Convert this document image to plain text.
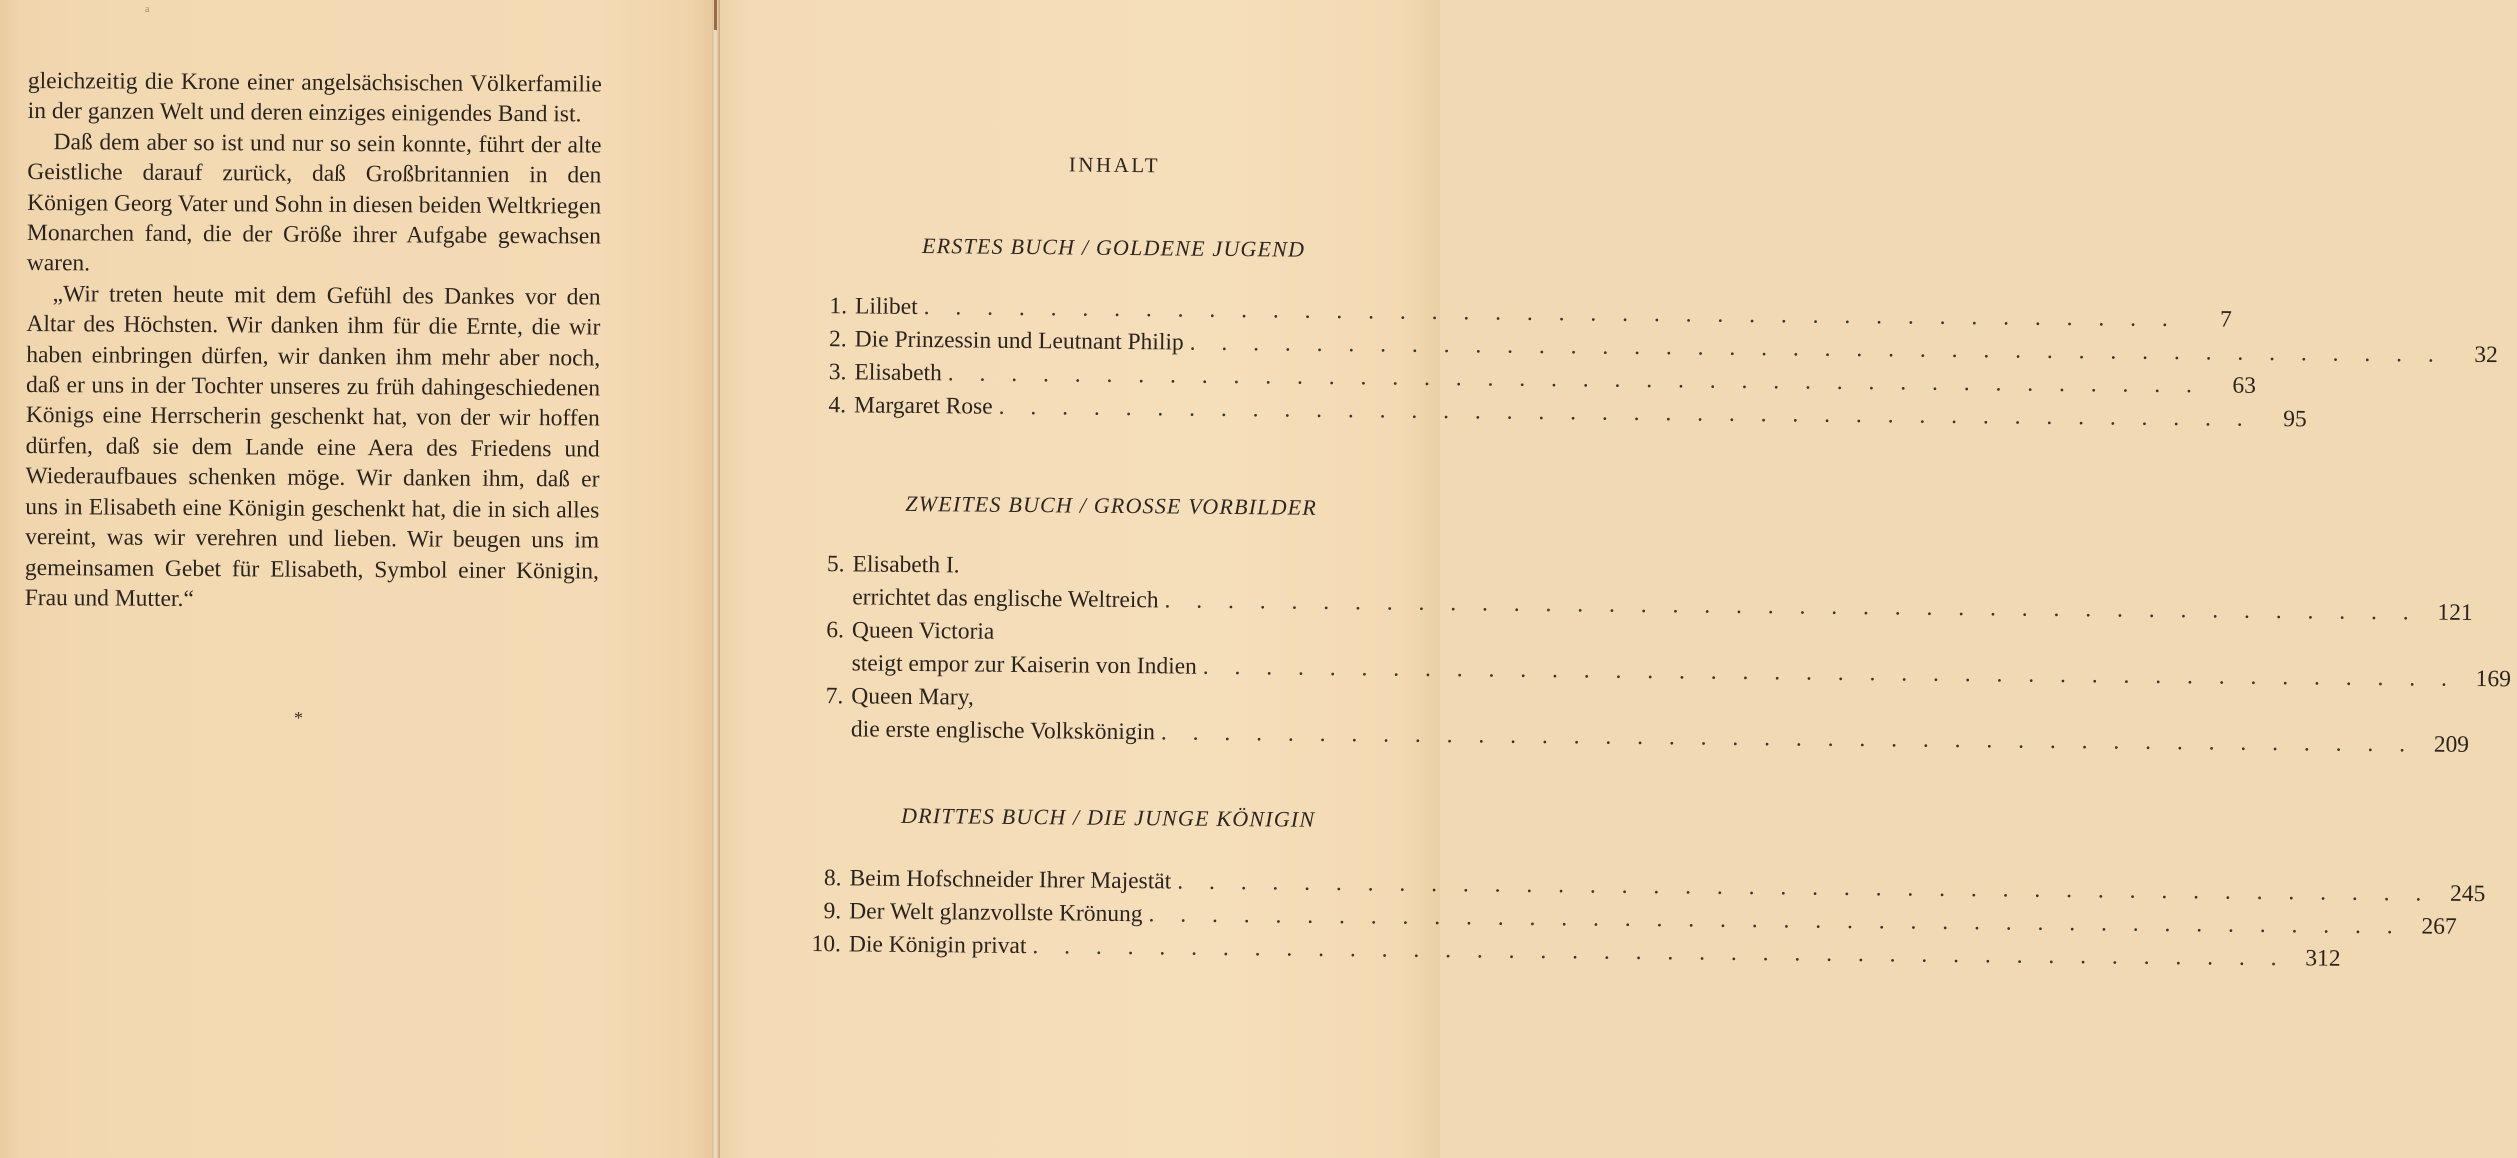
a

gleichzeitig die Krone einer angelsächsischen Völkerfamilie in der ganzen Welt und deren einziges einigendes Band ist.

Daß dem aber so ist und nur so sein konnte, führt der alte Geistliche darauf zurück, daß Großbritannien in den Königen Georg Vater und Sohn in diesen beiden Weltkriegen Monarchen fand, die der Größe ihrer Aufgabe gewachsen waren.

„Wir treten heute mit dem Gefühl des Dankes vor den Altar des Höchsten. Wir danken ihm für die Ernte, die wir haben einbringen dürfen, wir danken ihm mehr aber noch, daß er uns in der Tochter unseres zu früh dahingeschiedenen Königs eine Herrscherin geschenkt hat, von der wir hoffen dürfen, daß sie dem Lande eine Aera des Friedens und Wiederaufbaues schenken möge. Wir danken ihm, daß er uns in Elisabeth eine Königin geschenkt hat, die in sich alles vereint, was wir verehren und lieben. Wir beugen uns im gemeinsamen Gebet für Elisabeth, Symbol einer Königin, Frau und Mutter.“

*
INHALT
ERSTES BUCH / GOLDENE JUGEND
1. Lilibet . . .	7
2. Die Prinzessin und Leutnant Philip . . .	32
3. Elisabeth . . .	63
4. Margaret Rose . . .	95
ZWEITES BUCH / GROSSE VORBILDER
5. Elisabeth I.
errichtet das englische Weltreich . . .	121
6. Queen Victoria
steigt empor zur Kaiserin von Indien . . .	169
7. Queen Mary,
die erste englische Volkskönigin . . .	209
DRITTES BUCH / DIE JUNGE KÖNIGIN
8. Beim Hofschneider Ihrer Majestät . . .	245
9. Der Welt glanzvollste Krönung . . .	267
10. Die Königin privat . . .	312
